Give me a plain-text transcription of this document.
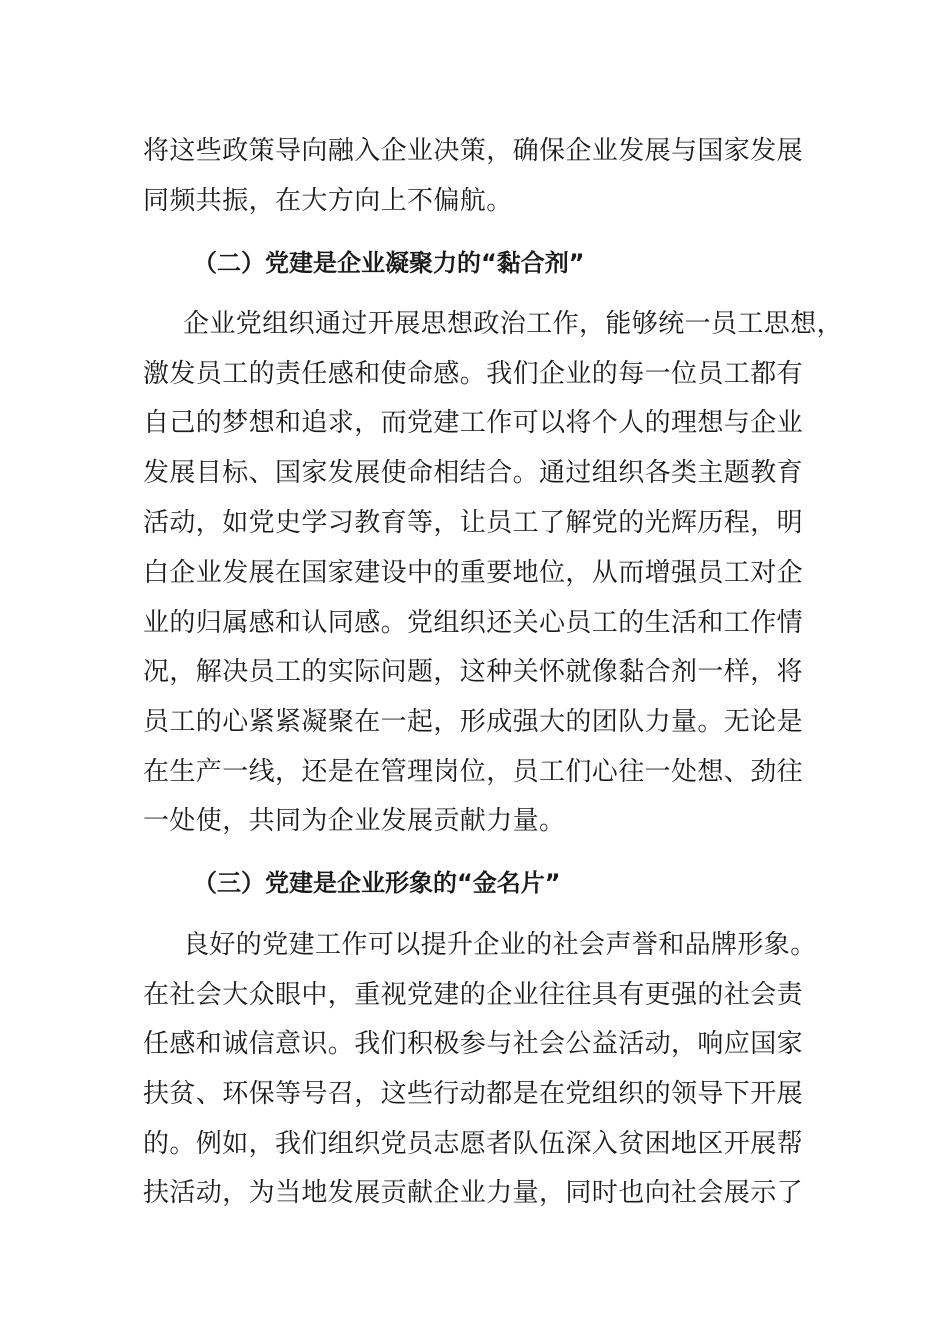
将这些政策导向融入企业决策，确保企业发展与国家发展
同频共振，在大方向上不偏航。
（二）党建是企业凝聚力的“黏合剂”
企业党组织通过开展思想政治工作，能够统一员工思想，
激发员工的责任感和使命感。我们企业的每一位员工都有
自己的梦想和追求，而党建工作可以将个人的理想与企业
发展目标、国家发展使命相结合。通过组织各类主题教育
活动，如党史学习教育等，让员工了解党的光辉历程，明
白企业发展在国家建设中的重要地位，从而增强员工对企
业的归属感和认同感。党组织还关心员工的生活和工作情
况，解决员工的实际问题，这种关怀就像黏合剂一样，将
员工的心紧紧凝聚在一起，形成强大的团队力量。无论是
在生产一线，还是在管理岗位，员工们心往一处想、劲往
一处使，共同为企业发展贡献力量。
（三）党建是企业形象的“金名片”
良好的党建工作可以提升企业的社会声誉和品牌形象。
在社会大众眼中，重视党建的企业往往具有更强的社会责
任感和诚信意识。我们积极参与社会公益活动，响应国家
扶贫、环保等号召，这些行动都是在党组织的领导下开展
的。例如，我们组织党员志愿者队伍深入贫困地区开展帮
扶活动，为当地发展贡献企业力量，同时也向社会展示了
